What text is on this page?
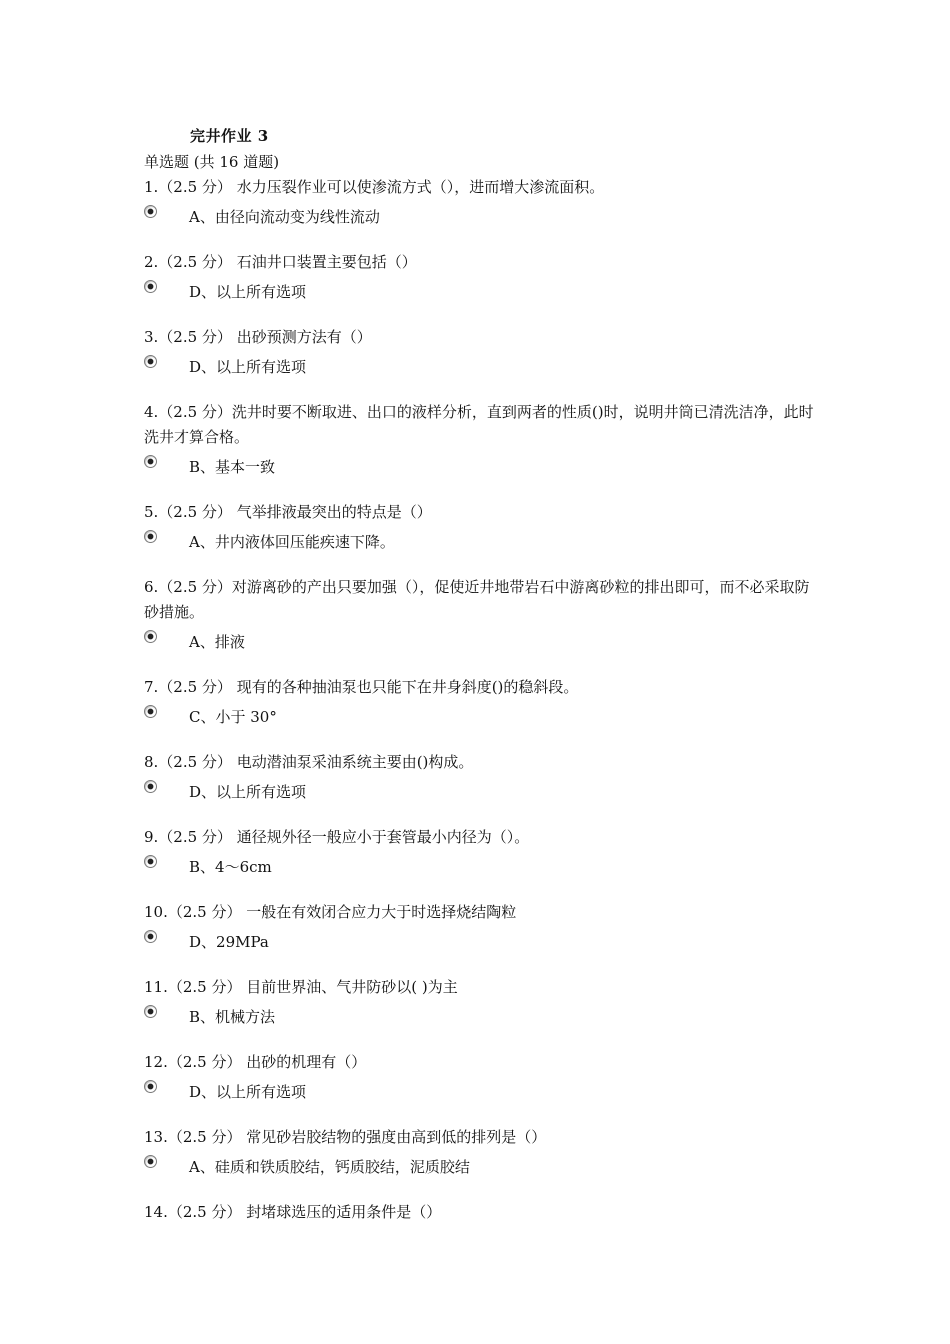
完井作业 3
单选题 (共 16 道题)

1.（2.5 分） 水力压裂作业可以使渗流方式（），进而增大渗流面积。

A、由径向流动变为线性流动

2.（2.5 分） 石油井口装置主要包括（）

D、以上所有选项

3.（2.5 分） 出砂预测方法有（）

D、以上所有选项

4.（2.5 分）洗井时要不断取进、出口的液样分析，直到两者的性质()时，说明井筒已清洗洁净，此时洗井才算合格。

B、基本一致

5.（2.5 分） 气举排液最突出的特点是（）

A、井内液体回压能疾速下降。

6.（2.5 分）对游离砂的产出只要加强（），促使近井地带岩石中游离砂粒的排出即可，而不必采取防砂措施。

A、排液

7.（2.5 分） 现有的各种抽油泵也只能下在井身斜度()的稳斜段。

C、小于 30°

8.（2.5 分） 电动潜油泵采油系统主要由()构成。

D、以上所有选项

9.（2.5 分） 通径规外径一般应小于套管最小内径为（）。

B、4～6cm

10.（2.5 分） 一般在有效闭合应力大于时选择烧结陶粒

D、29MPa

11.（2.5 分） 目前世界油、气井防砂以( )为主

B、机械方法

12.（2.5 分） 出砂的机理有（）

D、以上所有选项

13.（2.5 分） 常见砂岩胶结物的强度由高到低的排列是（）

A、硅质和铁质胶结，钙质胶结，泥质胶结

14.（2.5 分） 封堵球选压的适用条件是（）
